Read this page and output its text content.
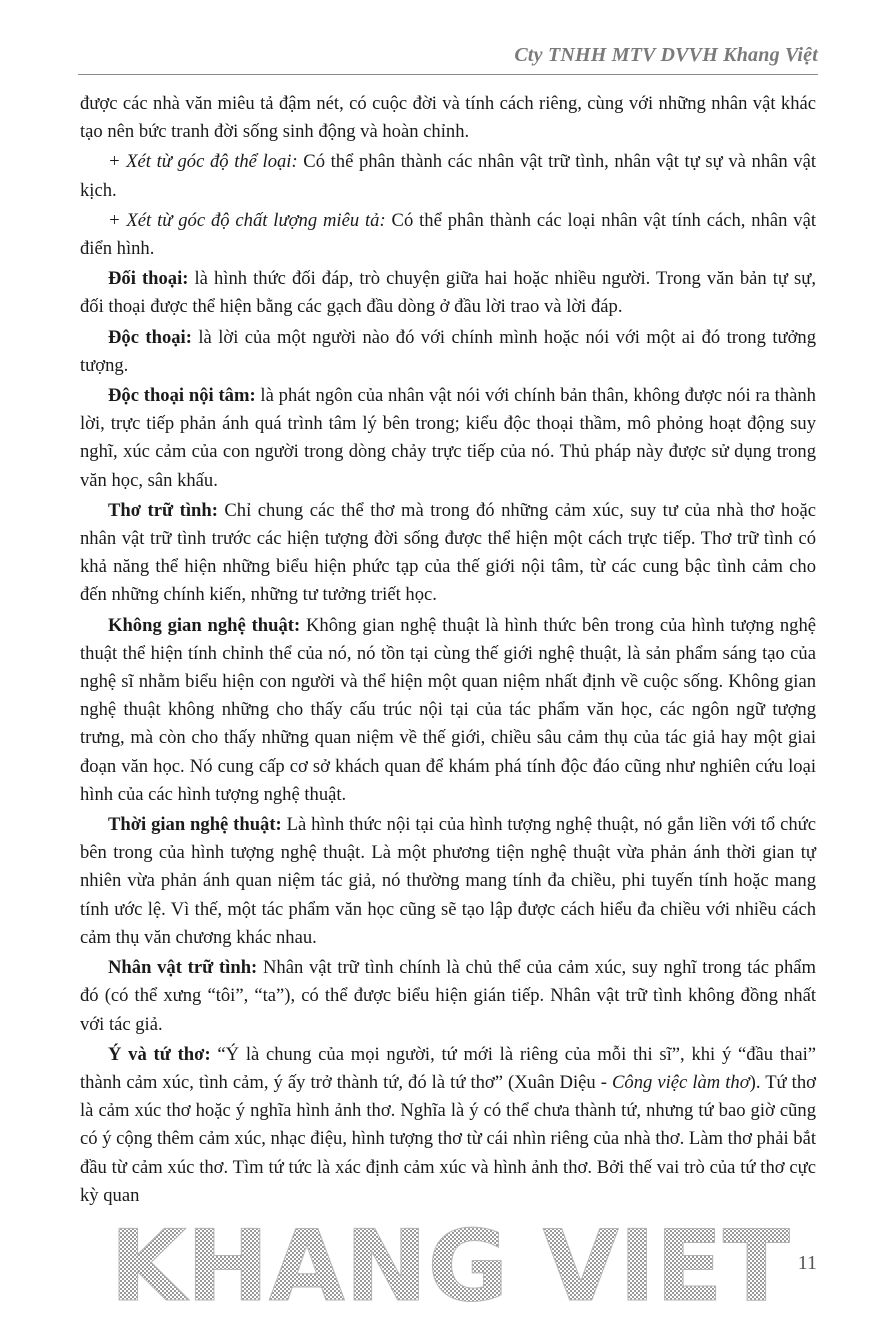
Cty TNHH MTV DVVH Khang Việt

được các nhà văn miêu tả đậm nét, có cuộc đời và tính cách riêng, cùng với những nhân vật khác tạo nên bức tranh đời sống sinh động và hoàn chỉnh.

+ Xét từ góc độ thể loại: Có thể phân thành các nhân vật trữ tình, nhân vật tự sự và nhân vật kịch.

+ Xét từ góc độ chất lượng miêu tả: Có thể phân thành các loại nhân vật tính cách, nhân vật điển hình.

Đối thoại: là hình thức đối đáp, trò chuyện giữa hai hoặc nhiều người. Trong văn bản tự sự, đối thoại được thể hiện bằng các gạch đầu dòng ở đầu lời trao và lời đáp.

Độc thoại: là lời của một người nào đó với chính mình hoặc nói với một ai đó trong tưởng tượng.

Độc thoại nội tâm: là phát ngôn của nhân vật nói với chính bản thân, không được nói ra thành lời, trực tiếp phản ánh quá trình tâm lý bên trong; kiểu độc thoại thầm, mô phỏng hoạt động suy nghĩ, xúc cảm của con người trong dòng chảy trực tiếp của nó. Thủ pháp này được sử dụng trong văn học, sân khấu.

Thơ trữ tình: Chỉ chung các thể thơ mà trong đó những cảm xúc, suy tư của nhà thơ hoặc nhân vật trữ tình trước các hiện tượng đời sống được thể hiện một cách trực tiếp. Thơ trữ tình có khả năng thể hiện những biểu hiện phức tạp của thế giới nội tâm, từ các cung bậc tình cảm cho đến những chính kiến, những tư tưởng triết học.

Không gian nghệ thuật: Không gian nghệ thuật là hình thức bên trong của hình tượng nghệ thuật thể hiện tính chỉnh thể của nó, nó tồn tại cùng thế giới nghệ thuật, là sản phẩm sáng tạo của nghệ sĩ nhằm biểu hiện con người và thể hiện một quan niệm nhất định về cuộc sống. Không gian nghệ thuật không những cho thấy cấu trúc nội tại của tác phẩm văn học, các ngôn ngữ tượng trưng, mà còn cho thấy những quan niệm về thế giới, chiều sâu cảm thụ của tác giả hay một giai đoạn văn học. Nó cung cấp cơ sở khách quan để khám phá tính độc đáo cũng như nghiên cứu loại hình của các hình tượng nghệ thuật.

Thời gian nghệ thuật: Là hình thức nội tại của hình tượng nghệ thuật, nó gắn liền với tổ chức bên trong của hình tượng nghệ thuật. Là một phương tiện nghệ thuật vừa phản ánh thời gian tự nhiên vừa phản ánh quan niệm tác giả, nó thường mang tính đa chiều, phi tuyến tính hoặc mang tính ước lệ. Vì thế, một tác phẩm văn học cũng sẽ tạo lập được cách hiểu đa chiều với nhiều cách cảm thụ văn chương khác nhau.

Nhân vật trữ tình: Nhân vật trữ tình chính là chủ thể của cảm xúc, suy nghĩ trong tác phẩm đó (có thể xưng “tôi”, “ta”), có thể được biểu hiện gián tiếp. Nhân vật trữ tình không đồng nhất với tác giả.

Ý và tứ thơ: “Ý là chung của mọi người, tứ mới là riêng của mỗi thi sĩ”, khi ý “đầu thai” thành cảm xúc, tình cảm, ý ấy trở thành tứ, đó là tứ thơ” (Xuân Diệu - Công việc làm thơ). Tứ thơ là cảm xúc thơ hoặc ý nghĩa hình ảnh thơ. Nghĩa là ý có thể chưa thành tứ, nhưng tứ bao giờ cũng có ý cộng thêm cảm xúc, nhạc điệu, hình tượng thơ từ cái nhìn riêng của nhà thơ. Làm thơ phải bắt đầu từ cảm xúc thơ. Tìm tứ tức là xác định cảm xúc và hình ảnh thơ. Bởi thế vai trò của tứ thơ cực kỳ quan

KHANG VIET 11
